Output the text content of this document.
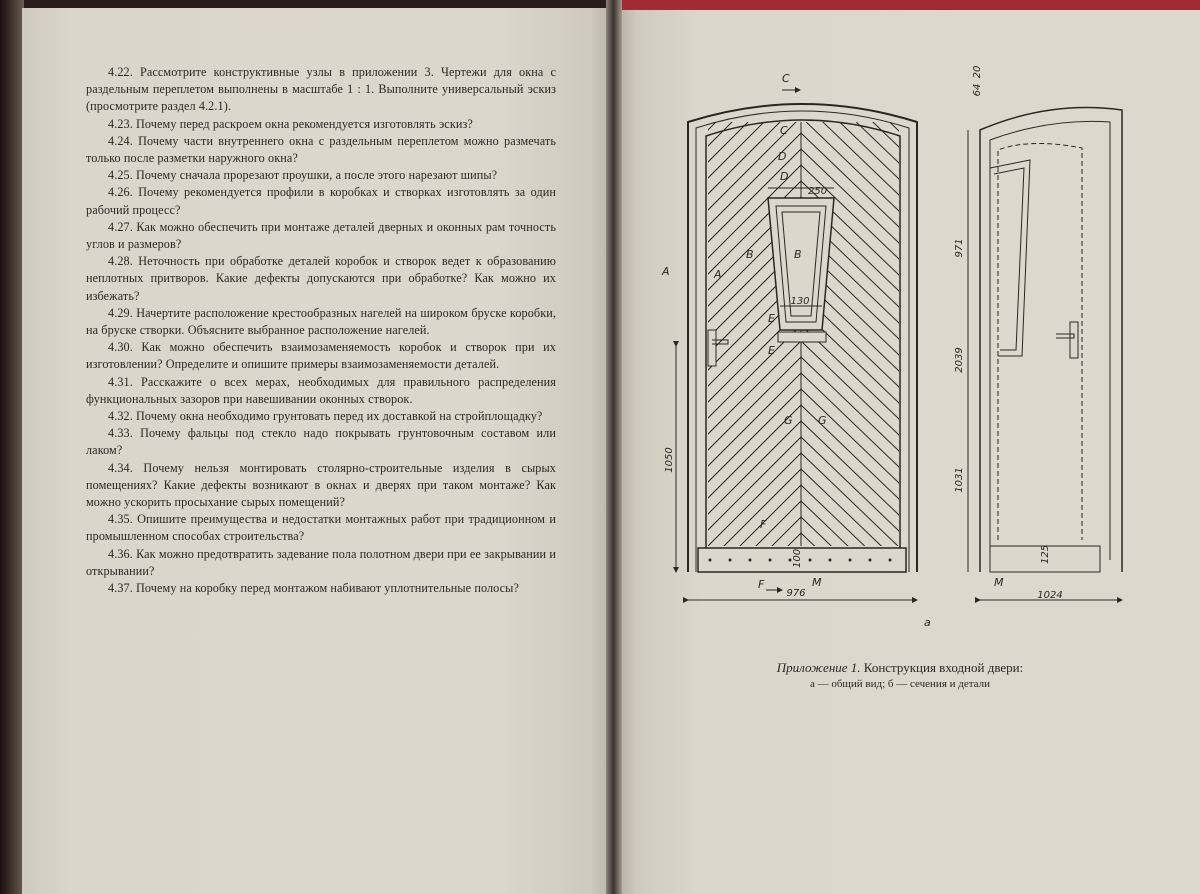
4.22. Рассмотрите конструктивные узлы в приложении 3. Чертежи для окна с раздельным переплетом выполнены в масштабе 1 : 1. Выполните универсальный эскиз (просмотрите раздел 4.2.1).

4.23. Почему перед раскроем окна рекомендуется изготовлять эскиз?

4.24. Почему части внутреннего окна с раздельным переплетом можно размечать только после разметки наружного окна?

4.25. Почему сначала прорезают проушки, а после этого нарезают шипы?

4.26. Почему рекомендуется профили в коробках и створках изготовлять за один рабочий процесс?

4.27. Как можно обеспечить при монтаже деталей дверных и оконных рам точность углов и размеров?

4.28. Неточность при обработке деталей коробок и створок ведет к образованию неплотных притворов. Какие дефекты допускаются при обработке? Как можно их избежать?

4.29. Начертите расположение крестообразных нагелей на широком бруске коробки, на бруске створки. Объясните выбранное расположение нагелей.

4.30. Как можно обеспечить взаимозаменяемость коробок и створок при их изготовлении? Определите и опишите примеры взаимозаменяемости деталей.

4.31. Расскажите о всех мерах, необходимых для правильного распределения функциональных зазоров при навешивании оконных створок.

4.32. Почему окна необходимо грунтовать перед их доставкой на стройплощадку?

4.33. Почему фальцы под стекло надо покрывать грунтовочным составом или лаком?

4.34. Почему нельзя монтировать столярно-строительные изделия в сырых помещениях? Какие дефекты возникают в окнах и дверях при таком монтаже? Как можно ускорить просыхание сырых помещений?

4.35. Опишите преимущества и недостатки монтажных работ при традиционном и промышленном способах строительства?

4.36. Как можно предотвратить задевание пола полотном двери при ее закрывании и открывании?

4.37. Почему на коробку перед монтажом набивают уплотнительные полосы?	976
1050
250
130
100
C
C
D
D
A	A
B	B
E
E
G G
F
F	M
1024
2039
1031
971
64
20
125
M
а
Приложение 1. Конструкция входной двери:
а — общий вид; б — сечения и детали
